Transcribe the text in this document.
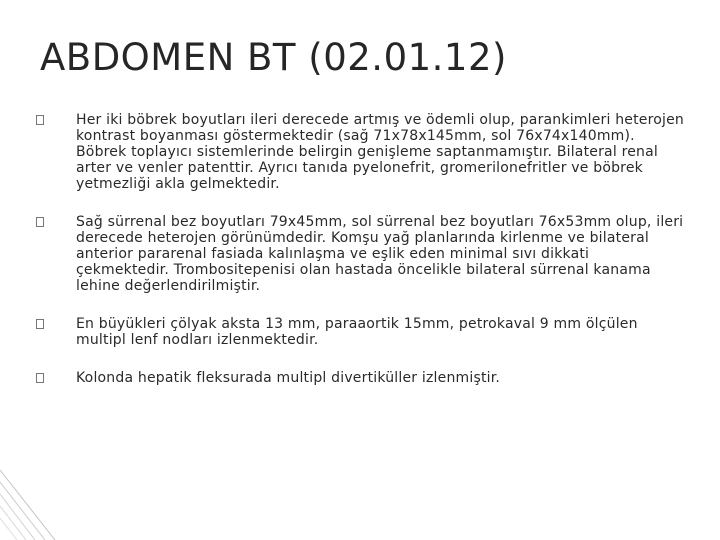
ABDOMEN BT (02.01.12)
Her iki böbrek boyutları ileri derecede artmış ve ödemli olup, parankimleri heterojen kontrast boyanması göstermektedir (sağ 71x78x145mm, sol 76x74x140mm). Böbrek toplayıcı sistemlerinde belirgin genişleme saptanmamıştır. Bilateral renal arter ve venler patenttir. Ayrıcı tanıda pyelonefrit, gromerilonefritler ve böbrek yetmezliği akla gelmektedir.
Sağ sürrenal bez boyutları 79x45mm, sol sürrenal bez boyutları 76x53mm olup, ileri derecede heterojen görünümdedir. Komşu yağ planlarında kirlenme ve bilateral anterior pararenal fasiada kalınlaşma ve eşlik eden minimal sıvı dikkati çekmektedir. Trombositepenisi olan hastada öncelikle bilateral sürrenal kanama lehine değerlendirilmiştir.
En büyükleri çölyak aksta 13 mm, paraaortik 15mm, petrokaval 9 mm ölçülen multipl lenf nodları izlenmektedir.
Kolonda hepatik fleksurada multipl divertiküller izlenmiştir.
